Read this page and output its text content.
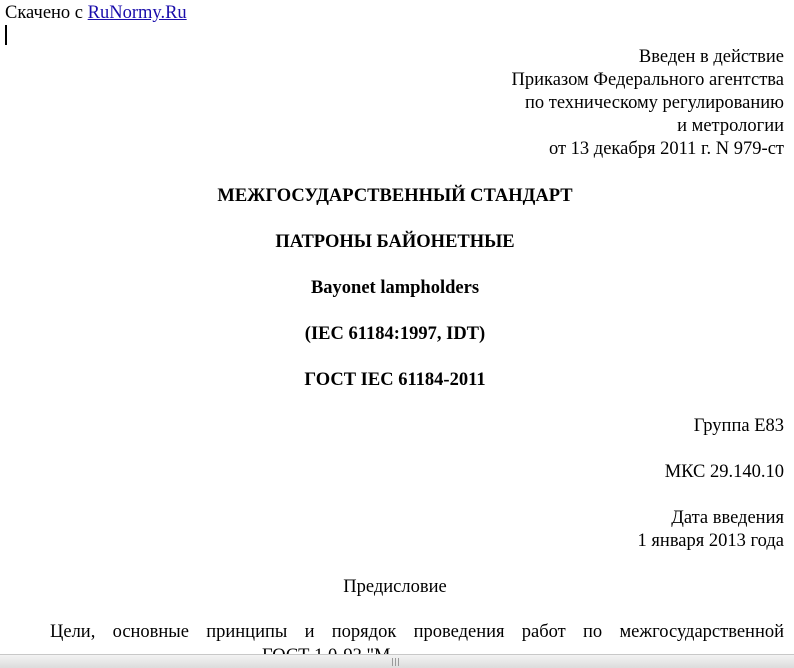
Скачено с RuNormy.Ru
Введен в действие
Приказом Федерального агентства
по техническому регулированию
и метрологии
от 13 декабря 2011 г. N 979-ст
МЕЖГОСУДАРСТВЕННЫЙ СТАНДАРТ
ПАТРОНЫ БАЙОНЕТНЫЕ
Bayonet lampholders
(IEC 61184:1997, IDT)
ГОСТ IEC 61184-2011
Группа Е83
МКС 29.140.10
Дата введения
1 января 2013 года
Предисловие
Цели, основные принципы и порядок проведения работ по межгосударственной
